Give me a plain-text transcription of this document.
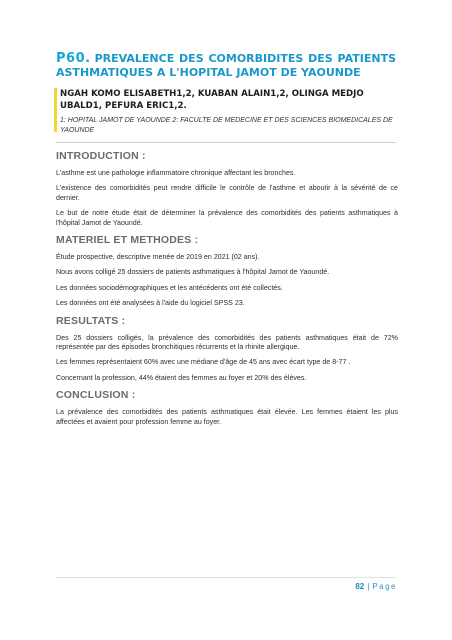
P60. PREVALENCE DES COMORBIDITES DES PATIENTS ASTHMATIQUES A L'HOPITAL JAMOT DE YAOUNDE
NGAH KOMO ELISABETH1,2, KUABAN ALAIN1,2, OLINGA MEDJO UBALD1, PEFURA ERIC1,2.
1: HOPITAL JAMOT DE YAOUNDE 2: FACULTE DE MEDECINE ET DES SCIENCES BIOMEDICALES DE YAOUNDE
INTRODUCTION :

L'asthme est une pathologie inflammatoire chronique affectant les bronches.

L'existence des comorbidités peut rendre difficile le contrôle de l'asthme et aboutir à la sévérité de ce dernier.

Le but de notre étude était de déterminer la prévalence des comorbidités des patients asthmatiques à l'hôpital Jamot de Yaoundé.

MATERIEL ET METHODES :

Étude prospective, descriptive menée de 2019 en 2021 (02 ans).

Nous avons colligé 25 dossiers de patients asthmatiques à l'hôpital Jamot de Yaoundé.

Les données sociodémographiques et les antécédents ont été collectés.

Les données ont été analysées à l'aide du logiciel SPSS 23.

RESULTATS :

Des 25 dossiers colligés, la prévalence des comorbidités des patients asthmatiques était de 72% représentée par des épisodes bronchitiques récurrents et la rhinite allergique.

Les femmes représentaient 60% avec une médiane d'âge de 45 ans avec écart type de 8-77 .

Concernant la profession, 44% étaient des femmes au foyer et 20% des élèves.

CONCLUSION :

La prévalence des comorbidités des patients asthmatiques était élevée. Les femmes étaient les plus affectées et avaient pour profession femme au foyer.

82 | Page
